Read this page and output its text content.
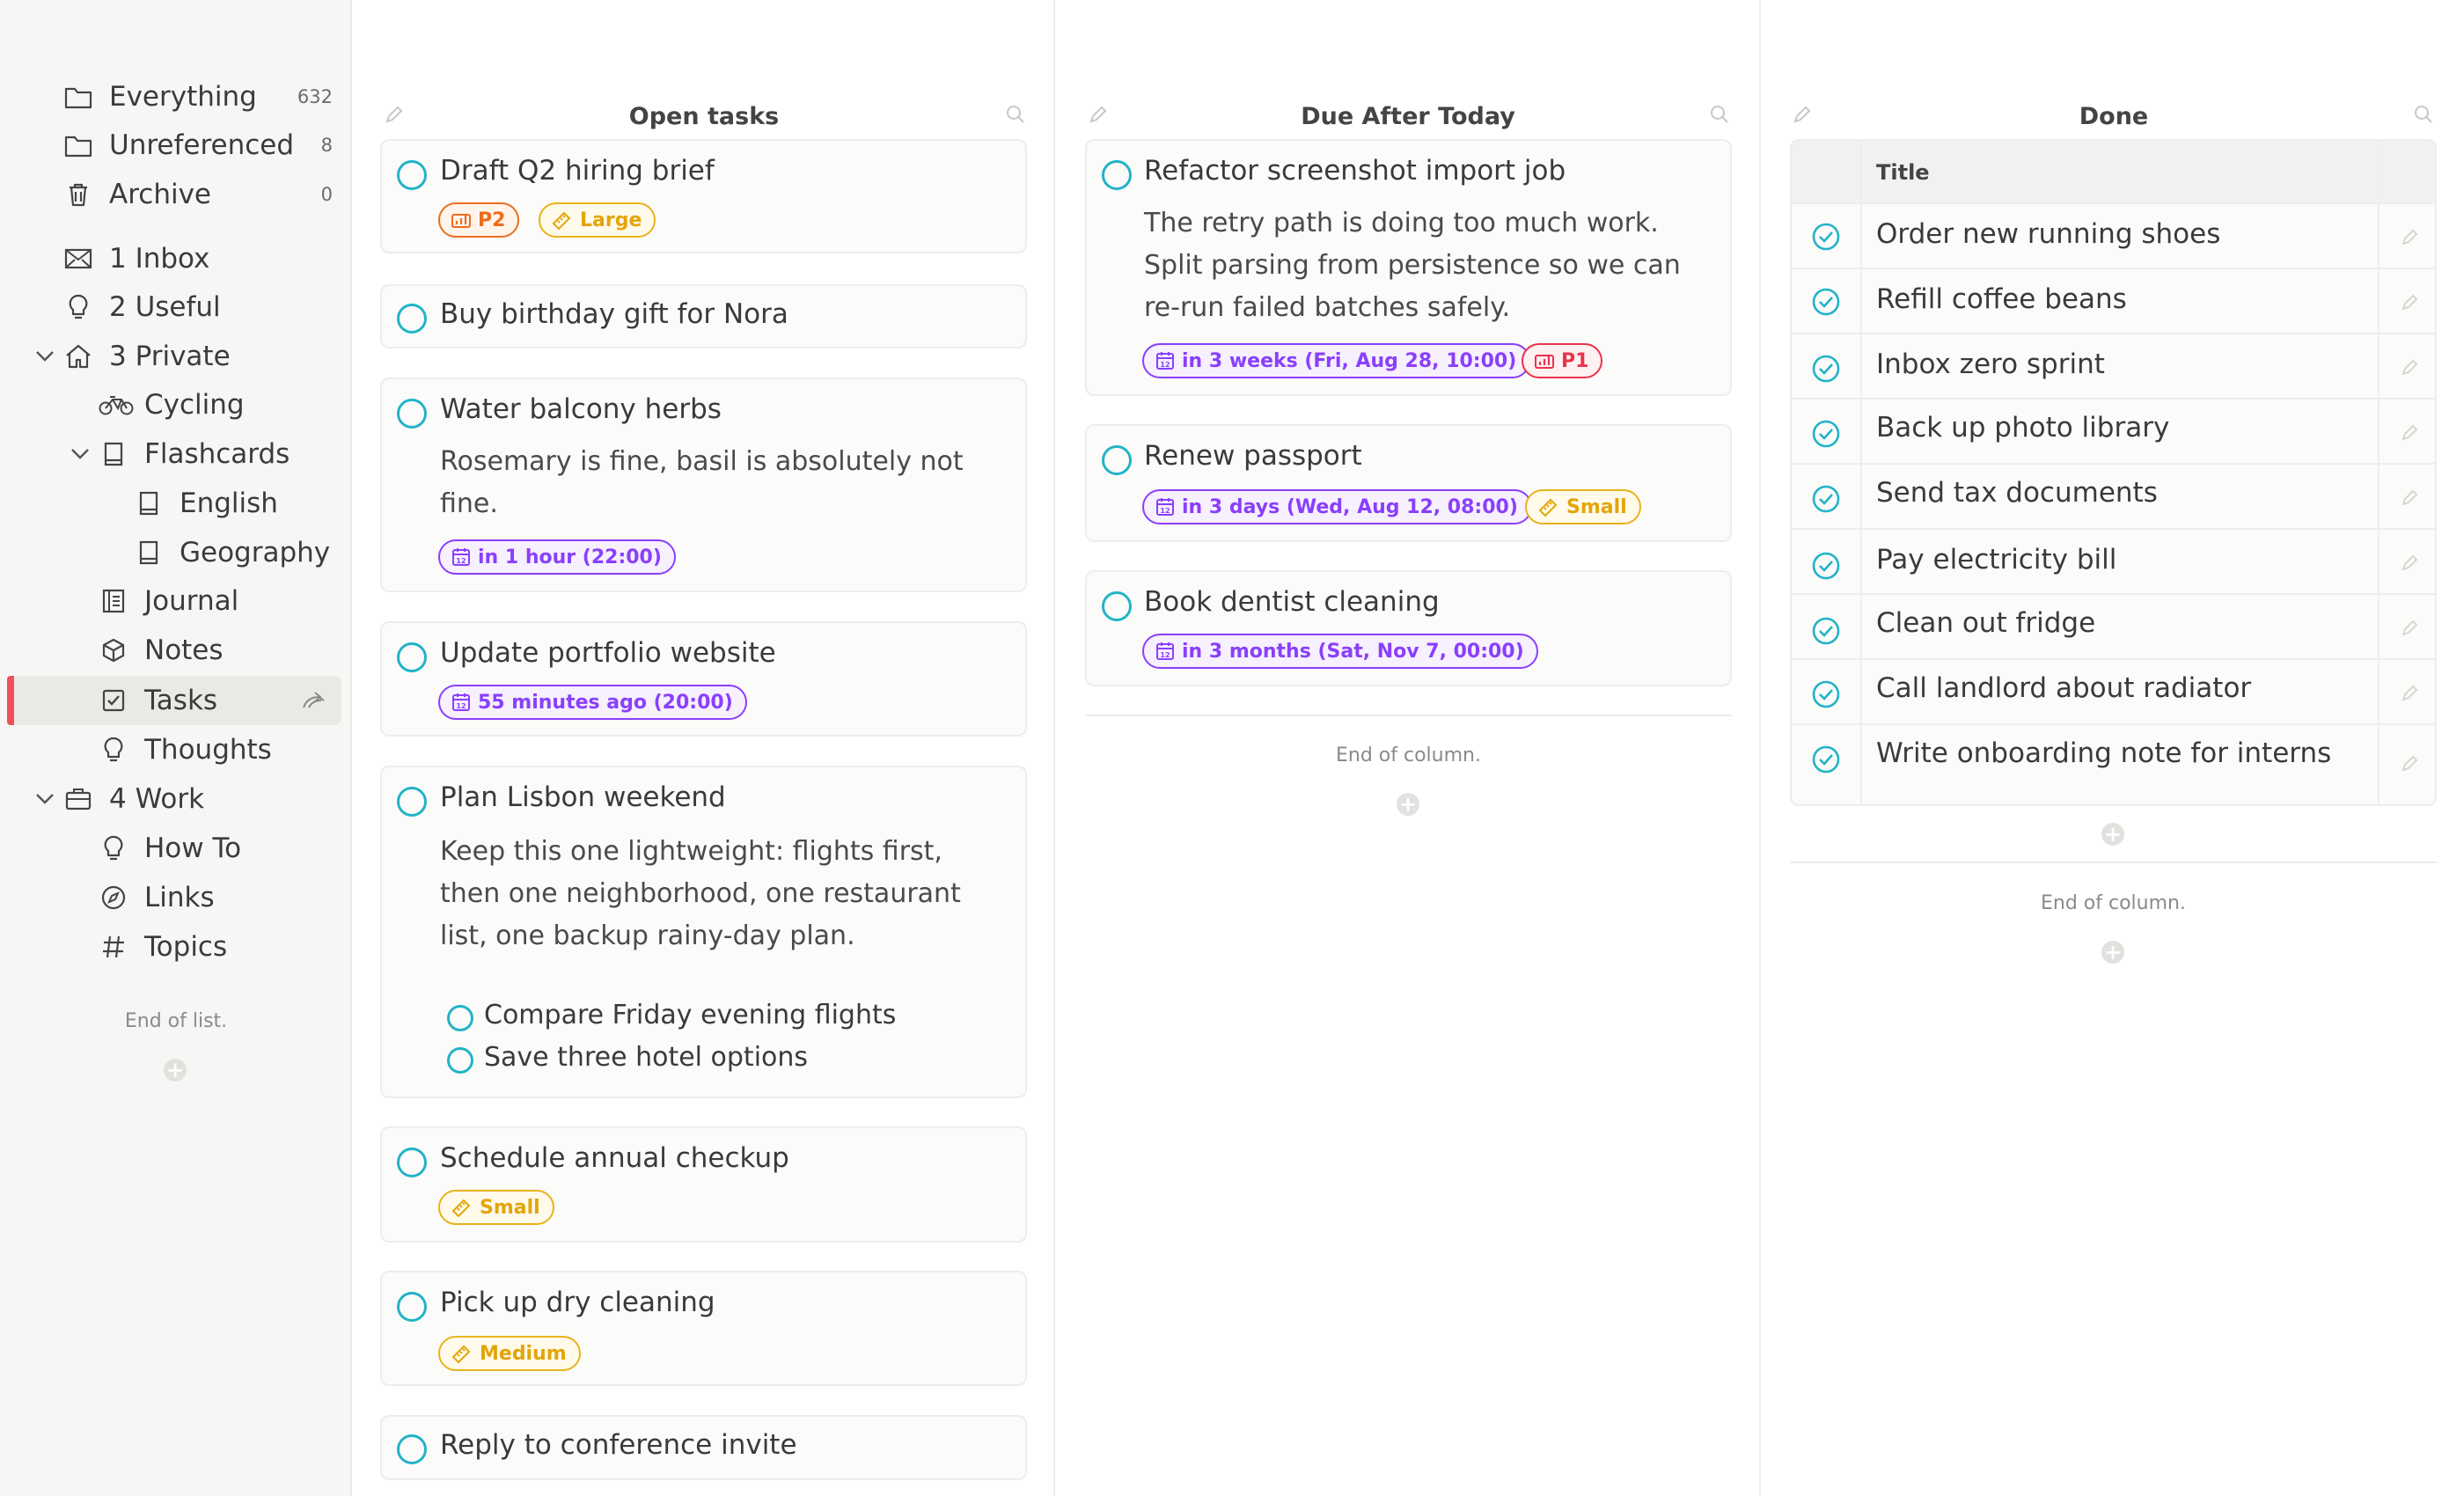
Everything 632
Unreferenced 8
Archive	0
1 Inbox
2 Useful
3 Private
Cycling
Flashcards
English
Geography
Journal
Notes
Tasks
Thoughts
4 Work
How To
Links
Topics
End of list.
+
Open tasks
Draft Q2 hiring brief
P2	Large
Buy birthday gift for Nora
Water balcony herbs
Rosemary is fine, basil is absolutely not
fine.
12 in 1 hour (22:00)
Update portfolio website
12 55 minutes ago (20:00)
Plan Lisbon weekend
Keep this one lightweight: flights first,
then one neighborhood, one restaurant
list, one backup rainy-day plan.
Compare Friday evening flights
Save three hotel options
Schedule annual checkup
Small
Pick up dry cleaning
Medium
Reply to conference invite
Due After Today
Refactor screenshot import job
The retry path is doing too much work.
Split parsing from persistence so we can
re-run failed batches safely.
12 in 3 weeks (Fri, Aug 28, 10:00) P1
Renew passport
12 in 3 days (Wed, Aug 12, 08:00)	Small
Book dentist cleaning
12 in 3 months (Sat, Nov 7, 00:00)
End of column.
+
Done
Title
Order new running shoes
Refill coffee beans
Inbox zero sprint
Back up photo library
Send tax documents
Pay electricity bill
Clean out fridge
Call landlord about radiator
Write onboarding note for interns
+
End of column.
+
